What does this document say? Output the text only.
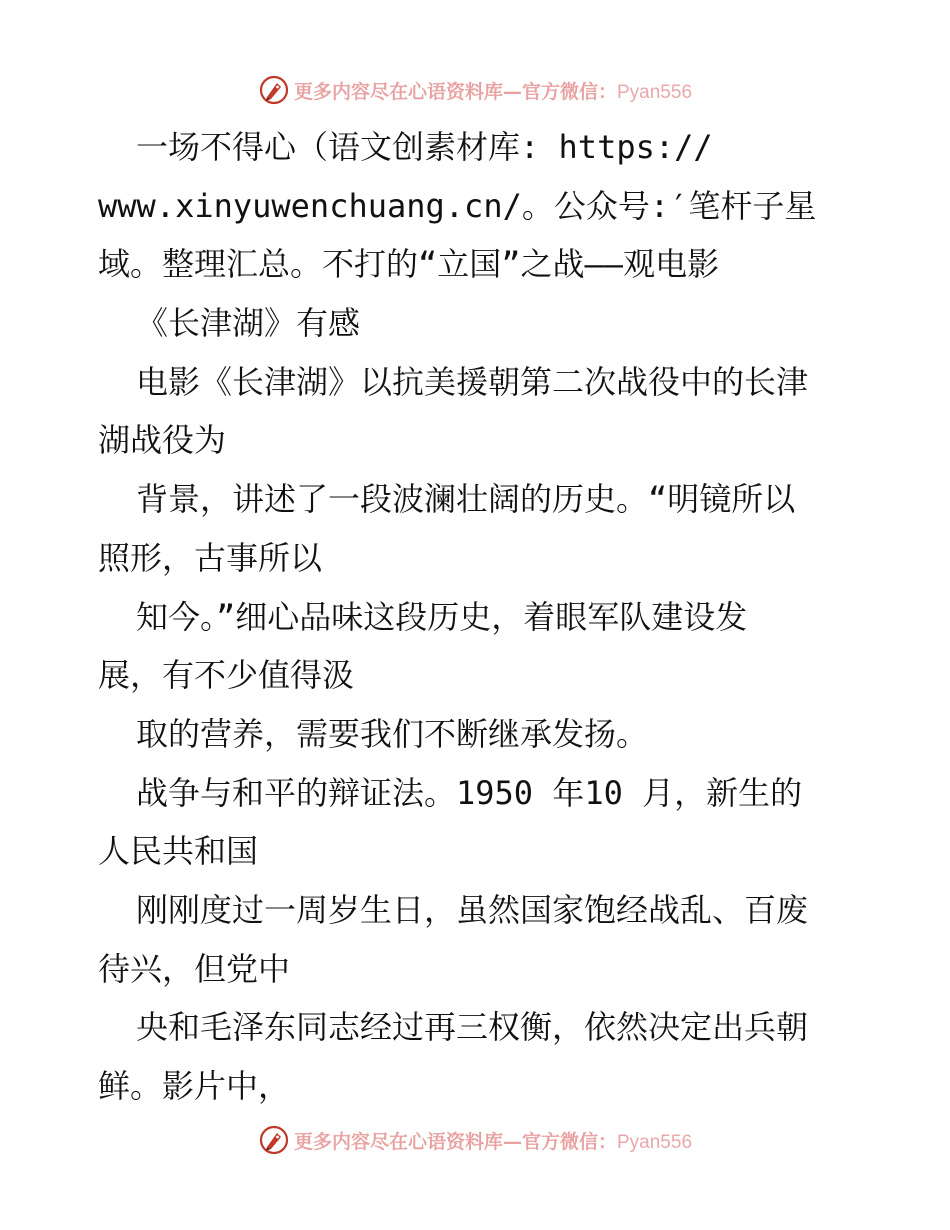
更多内容尽在心语资料库—官方微信：Pyan556
一场不得心（语文创素材库: https://
www.xinyuwenchuang.cn/。公众号:′笔杆子星
域。整理汇总。不打的“立国”之战——观电影
《长津湖》有感
电影《长津湖》以抗美援朝第二次战役中的长津
湖战役为
背景，讲述了一段波澜壮阔的历史。“明镜所以
照形，古事所以
知今。”细心品味这段历史，着眼军队建设发
展，有不少值得汲
取的营养，需要我们不断继承发扬。
战争与和平的辩证法。1950 年10 月，新生的
人民共和国
刚刚度过一周岁生日，虽然国家饱经战乱、百废
待兴，但党中
央和毛泽东同志经过再三权衡，依然决定出兵朝
鲜。影片中，
更多内容尽在心语资料库—官方微信：Pyan556
